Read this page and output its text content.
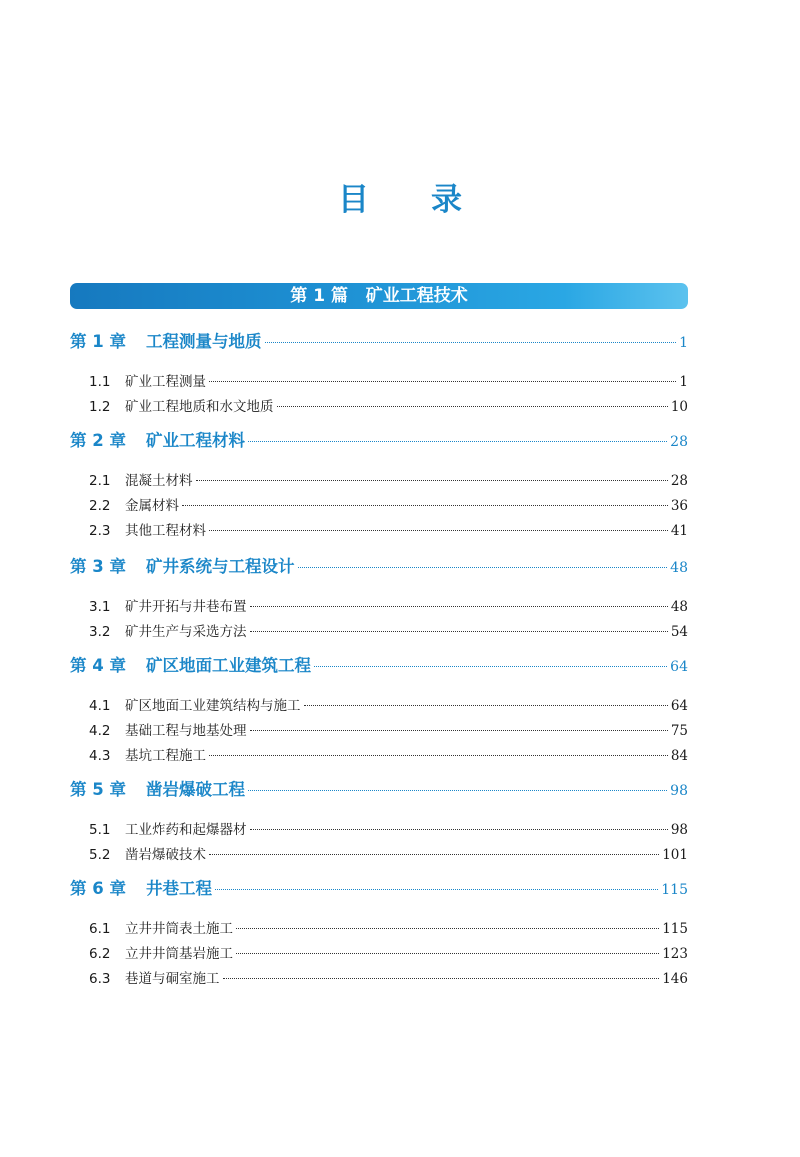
目录
第 1 篇 矿业工程技术
第 1 章	工程测量与地质	1
1.1	矿业工程测量	1
1.2	矿业工程地质和水文地质	10
第 2 章	矿业工程材料	28
2.1	混凝土材料	28
2.2	金属材料	36
2.3	其他工程材料	41
第 3 章	矿井系统与工程设计	48
3.1	矿井开拓与井巷布置	48
3.2	矿井生产与采选方法	54
第 4 章	矿区地面工业建筑工程	64
4.1	矿区地面工业建筑结构与施工	64
4.2	基础工程与地基处理	75
4.3	基坑工程施工	84
第 5 章	凿岩爆破工程	98
5.1	工业炸药和起爆器材	98
5.2	凿岩爆破技术	101
第 6 章	井巷工程	115
6.1	立井井筒表土施工	115
6.2	立井井筒基岩施工	123
6.3	巷道与硐室施工	146
